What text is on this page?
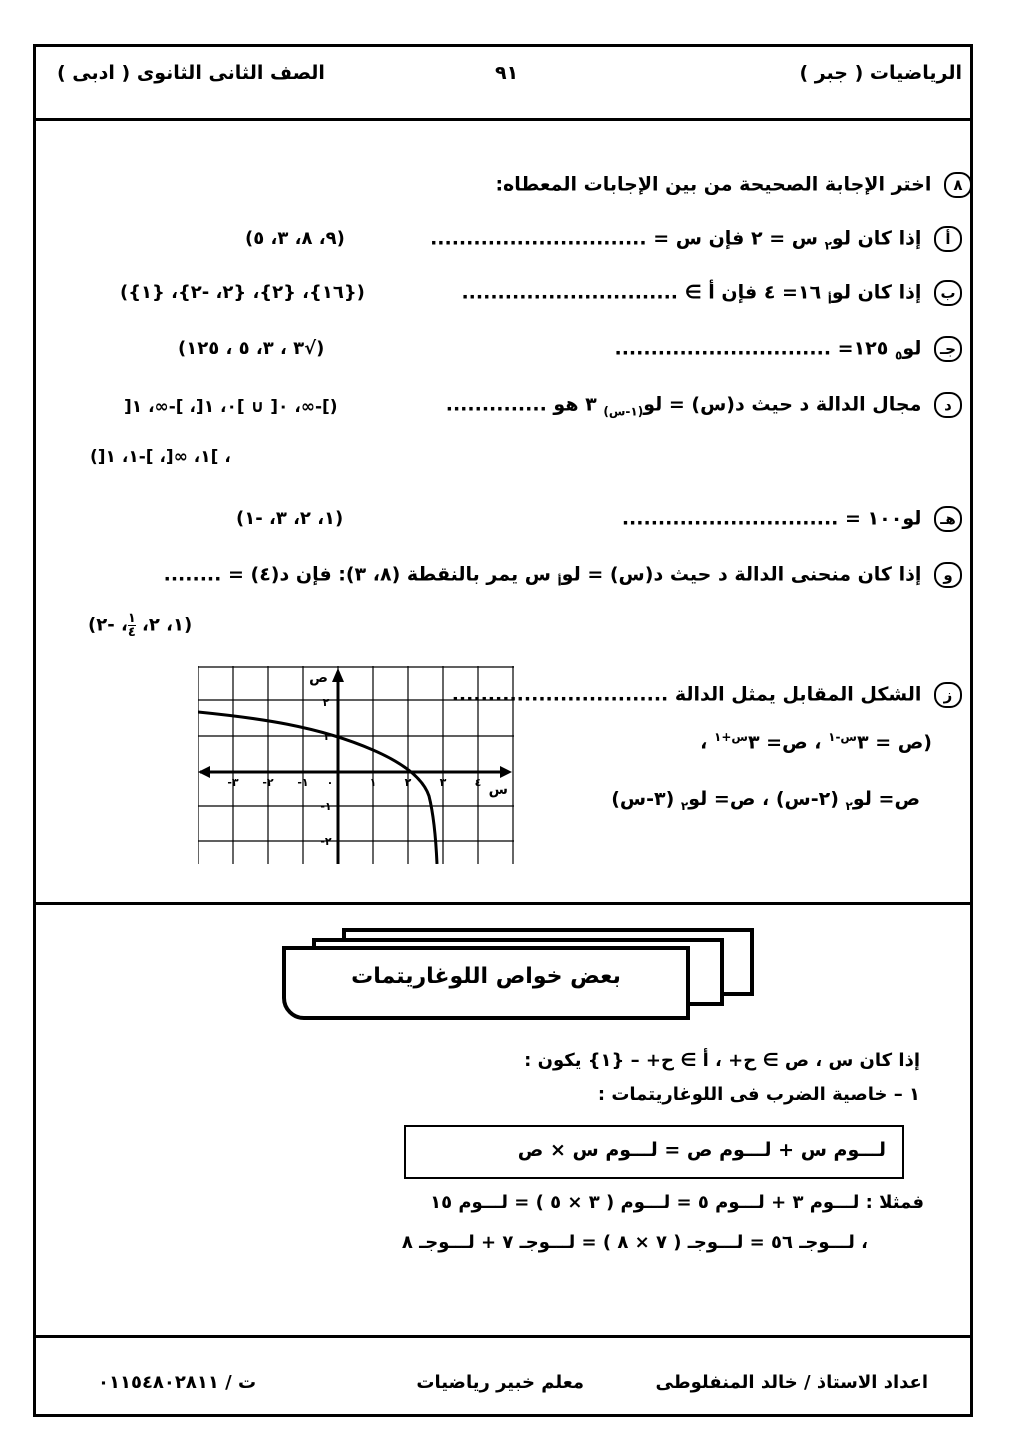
الرياضيات ( جبر )
٩١
الصف الثانى الثانوى ( ادبى )
٨ اختر الإجابة الصحيحة من بين الإجابات المعطاه:
أ إذا كان لو$_٢$ س = ٢ فإن س = ..............................
(٩، ٨، ٣، ٥)
ب إذا كان لو$_أ$ ١٦= ٤ فإن أ ∋ ..............................
({١٦}، {٢}، {٢، -٢}، {١})
جـ لو$_٥$ ١٢٥= ..............................
(√٣ ، ٣، ٥ ، ١٢٥)
د مجال الدالة د حيث د(س) = لو$_{(١-س)}$ ٣ هو ..............
(]-∞، ٠[ ∪ ]٠، ١[، ]-∞، ١[
، ]١، ∞[، ]-١، ١[)
هـ لو١٠٠ = ..............................
(١، ٢، ٣، -١)
و إذا كان منحنى الدالة د حيث د(س) = لو$_أ$ س يمر بالنقطة (٨، ٣): فإن د(٤) = ........
(١، ٢،
١
٤
، -٢)
ز الشكل المقابل يمثل الدالة ..............................
(ص = $٣^{س-١}$ ، ص= $٣^{س+١}$ ،
ص= لو$_٢$ (٢-س) ، ص= لو$_٢$ (٣-س)
ص
س
-٣ -٢ -١ ٠	١	٢	٣	٤
٢
١
-١
-٢
بعض خواص اللوغاريتمات
إذا كان س ، ص ∋ ح+ ، أ ∋ ح+ – {١} يكون :
١ – خاصية الضرب فى اللوغاريتمات :
لـــوم س + لـــوم ص = لـــوم س × ص
فمثلا : لـــوم ٣ + لـــوم ٥ = لـــوم ( ٣ × ٥ ) = لـــوم ١٥
، لـــوجـ ٥٦ = لـــوجـ ( ٧ × ٨ ) = لـــوجـ ٧ + لـــوجـ ٨
اعداد الاستاذ / خالد المنفلوطى
معلم خبير رياضيات
ت / ٠١١٥٤٨٠٢٨١١
